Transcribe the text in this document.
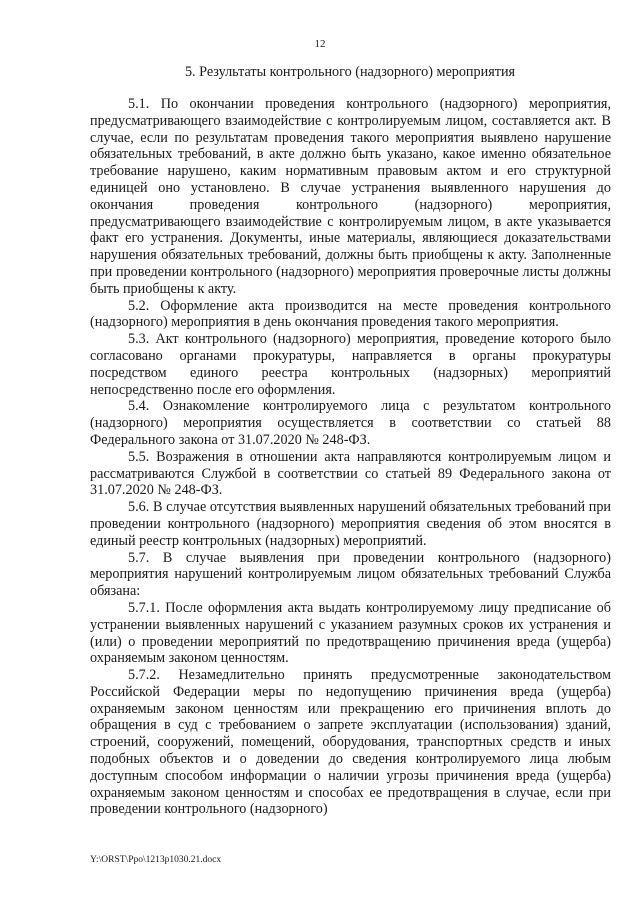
12
5. Результаты контрольного (надзорного) мероприятия

5.1. По окончании проведения контрольного (надзорного) мероприятия, предусматривающего взаимодействие с контролируемым лицом, составляется акт. В случае, если по результатам проведения такого мероприятия выявлено нарушение обязательных требований, в акте должно быть указано, какое именно обязательное требование нарушено, каким нормативным правовым актом и его структурной единицей оно установлено. В случае устранения выявленного нарушения до окончания проведения контрольного (надзорного) мероприятия, предусматривающего взаимодействие с контролируемым лицом, в акте указывается факт его устранения. Документы, иные материалы, являющиеся доказательствами нарушения обязательных требований, должны быть приобщены к акту. Заполненные при проведении контрольного (надзорного) мероприятия проверочные листы должны быть приобщены к акту.

5.2. Оформление акта производится на месте проведения контрольного (надзорного) мероприятия в день окончания проведения такого мероприятия.

5.3. Акт контрольного (надзорного) мероприятия, проведение которого было согласовано органами прокуратуры, направляется в органы прокуратуры посредством единого реестра контрольных (надзорных) мероприятий непосредственно после его оформления.

5.4. Ознакомление контролируемого лица с результатом контрольного (надзорного) мероприятия осуществляется в соответствии со статьей 88 Федерального закона от 31.07.2020 № 248-ФЗ.

5.5. Возражения в отношении акта направляются контролируемым лицом и рассматриваются Службой в соответствии со статьей 89 Федерального закона от 31.07.2020 № 248-ФЗ.

5.6. В случае отсутствия выявленных нарушений обязательных требований при проведении контрольного (надзорного) мероприятия сведения об этом вносятся в единый реестр контрольных (надзорных) мероприятий.

5.7. В случае выявления при проведении контрольного (надзорного) мероприятия нарушений контролируемым лицом обязательных требований Служба обязана:

5.7.1. После оформления акта выдать контролируемому лицу предписание об устранении выявленных нарушений с указанием разумных сроков их устранения и (или) о проведении мероприятий по предотвращению причинения вреда (ущерба) охраняемым законом ценностям.

5.7.2. Незамедлительно принять предусмотренные законодательством Российской Федерации меры по недопущению причинения вреда (ущерба) охраняемым законом ценностям или прекращению его причинения вплоть до обращения в суд с требованием о запрете эксплуатации (использования) зданий, строений, сооружений, помещений, оборудования, транспортных средств и иных подобных объектов и о доведении до сведения контролируемого лица любым доступным способом информации о наличии угрозы причинения вреда (ущерба) охраняемым законом ценностям и способах ее предотвращения в случае, если при проведении контрольного (надзорного)

Y:\ORST\Ppo\1213p1030.21.docx
